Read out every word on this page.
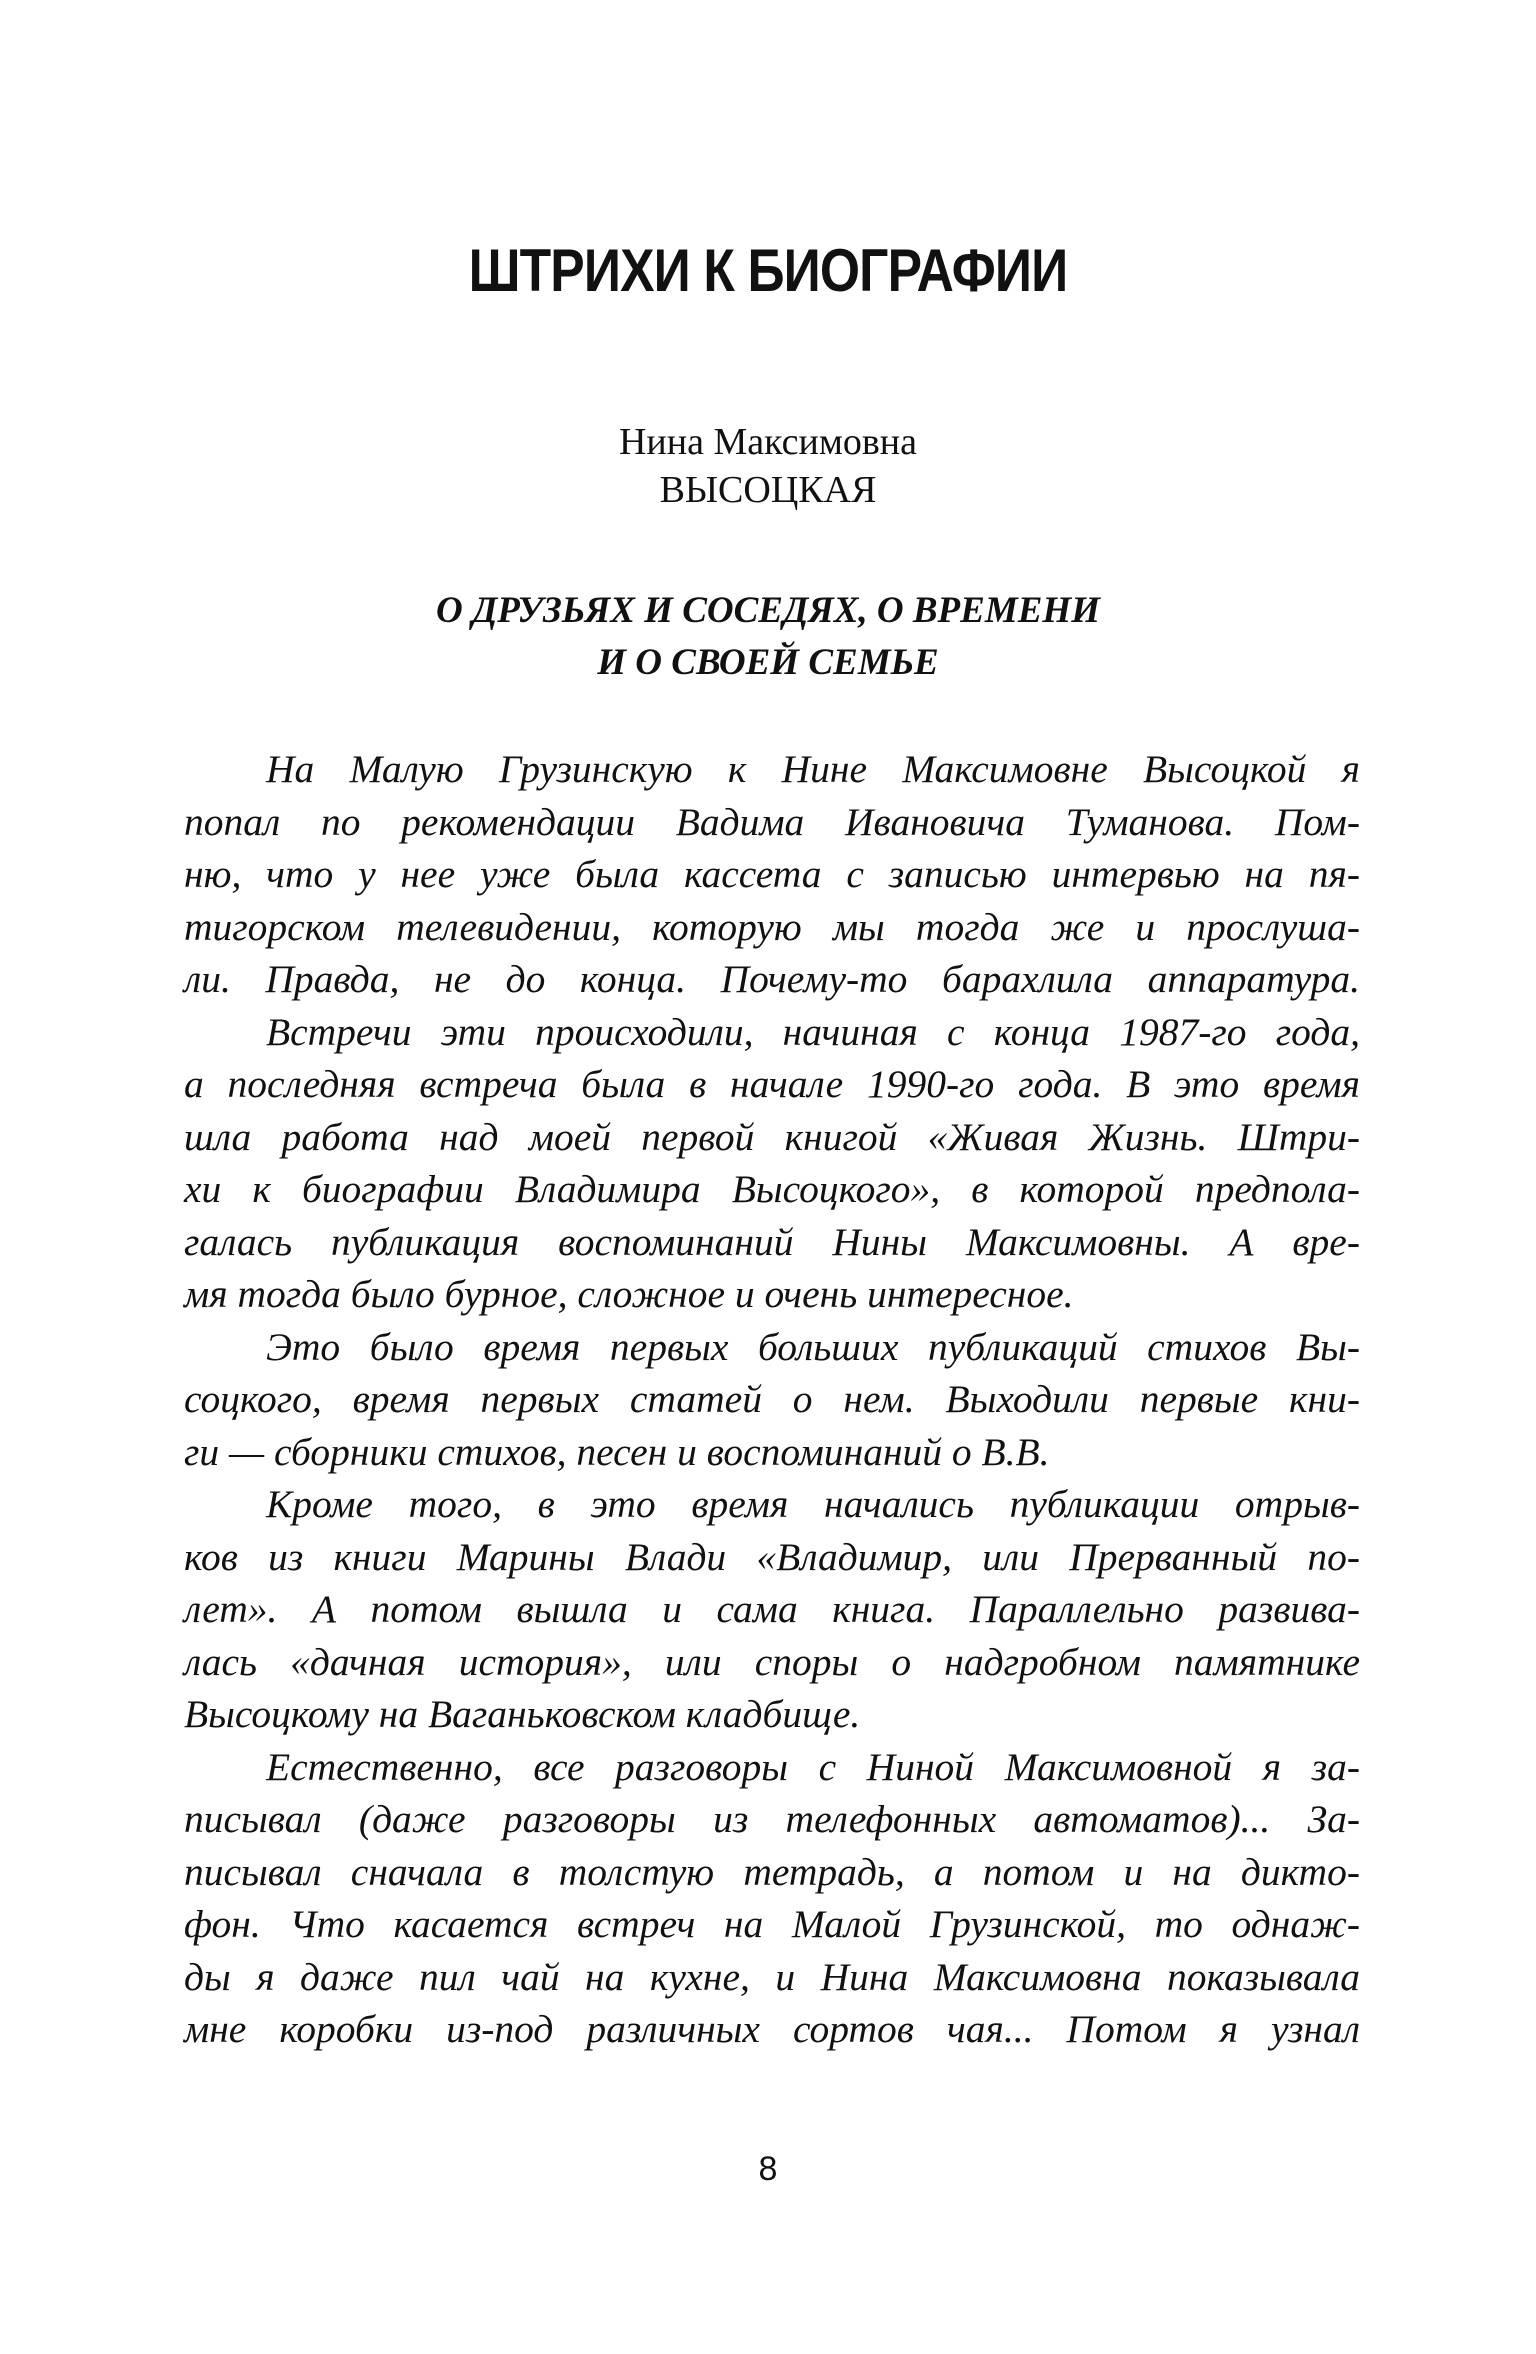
ШТРИХИ К БИОГРАФИИ
Нина Максимовна
ВЫСОЦКАЯ
О ДРУЗЬЯХ И СОСЕДЯХ, О ВРЕМЕНИ
И О СВОЕЙ СЕМЬЕ
На Малую Грузинскую к Нине Максимовне Высоцкой я
попал по рекомендации Вадима Ивановича Туманова. Пом-
ню, что у нее уже была кассета с записью интервью на пя-
тигорском телевидении, которую мы тогда же и прослуша-
ли. Правда, не до конца. Почему-то барахлила аппаратура.
Встречи эти происходили, начиная с конца 1987-го года,
а последняя встреча была в начале 1990-го года. В это время
шла работа над моей первой книгой «Живая Жизнь. Штри-
хи к биографии Владимира Высоцкого», в которой предпола-
галась публикация воспоминаний Нины Максимовны. А вре-
мя тогда было бурное, сложное и очень интересное.
Это было время первых больших публикаций стихов Вы-
соцкого, время первых статей о нем. Выходили первые кни-
ги — сборники стихов, песен и воспоминаний о В.В.
Кроме того, в это время начались публикации отрыв-
ков из книги Марины Влади «Владимир, или Прерванный по-
лет». А потом вышла и сама книга. Параллельно развива-
лась «дачная история», или споры о надгробном памятнике
Высоцкому на Ваганьковском кладбище.
Естественно, все разговоры с Ниной Максимовной я за-
писывал (даже разговоры из телефонных автоматов)... За-
писывал сначала в толстую тетрадь, а потом и на дикто-
фон. Что касается встреч на Малой Грузинской, то однаж-
ды я даже пил чай на кухне, и Нина Максимовна показывала
мне коробки из-под различных сортов чая... Потом я узнал
8
